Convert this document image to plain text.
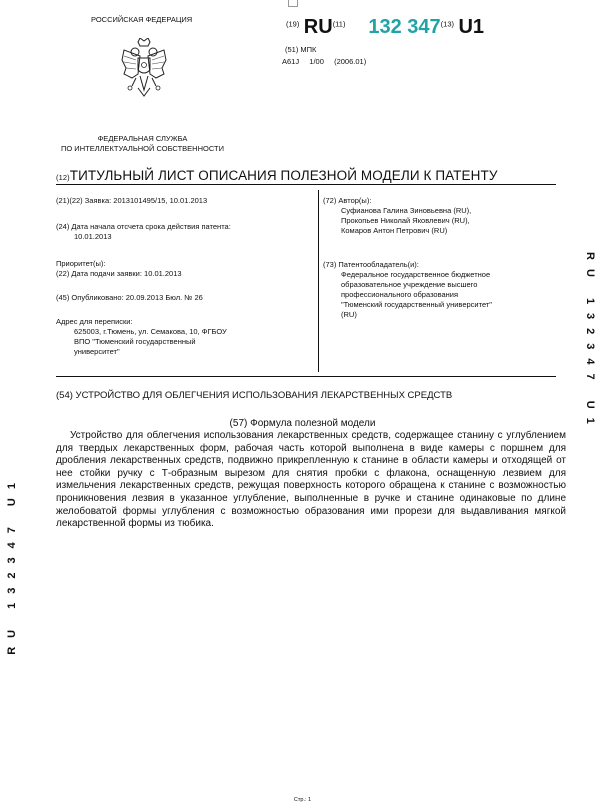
РОССИЙСКАЯ ФЕДЕРАЦИЯ
ФЕДЕРАЛЬНАЯ СЛУЖБА
ПО ИНТЕЛЛЕКТУАЛЬНОЙ СОБСТВЕННОСТИ
$^{(19)}$ RU$^{(11)}$ 132 347$^{(13)}$ U1
(51) МПК
A61J 1/00 (2006.01)
(12)ТИТУЛЬНЫЙ ЛИСТ ОПИСАНИЯ ПОЛЕЗНОЙ МОДЕЛИ К ПАТЕНТУ
(21)(22) Заявка: 2013101495/15, 10.01.2013
(24) Дата начала отсчета срока действия патента:
10.01.2013
Приоритет(ы):
(22) Дата подачи заявки: 10.01.2013
(45) Опубликовано: 20.09.2013 Бюл. № 26
Адрес для переписки:
625003, г.Тюмень, ул. Семакова, 10, ФГБОУ
ВПО "Тюменский государственный
университет"
(72) Автор(ы):
Суфианова Галина Зиновьевна (RU),
Прокопьев Николай Яковлевич (RU),
Комаров Антон Петрович (RU)
(73) Патентообладатель(и):
Федеральное государственное бюджетное
образовательное учреждение высшего
профессионального образования
"Тюменский государственный университет"
(RU)
(54) УСТРОЙСТВО ДЛЯ ОБЛЕГЧЕНИЯ ИСПОЛЬЗОВАНИЯ ЛЕКАРСТВЕННЫХ СРЕДСТВ
(57) Формула полезной модели
Устройство для облегчения использования лекарственных средств, содержащее станину с углублением для твердых лекарственных форм, рабочая часть которой выполнена в виде камеры с поршнем для дробления лекарственных средств, подвижно прикрепленную к станине в области камеры и отходящей от нее стойки ручку с Т-образным вырезом для снятия пробки с флакона, оснащенную лезвием для измельчения лекарственных средств, режущая поверхность которого обращена к станине с возможностью проникновения лезвия в указанное углубление, выполненные в ручке и станине одинаковые по длине желобоватой формы углубления с возможностью образования ими прорези для выдавливания мягкой лекарственной формы из тюбика.
RU 132347 U1
RU 132347 U1
Стр.: 1
